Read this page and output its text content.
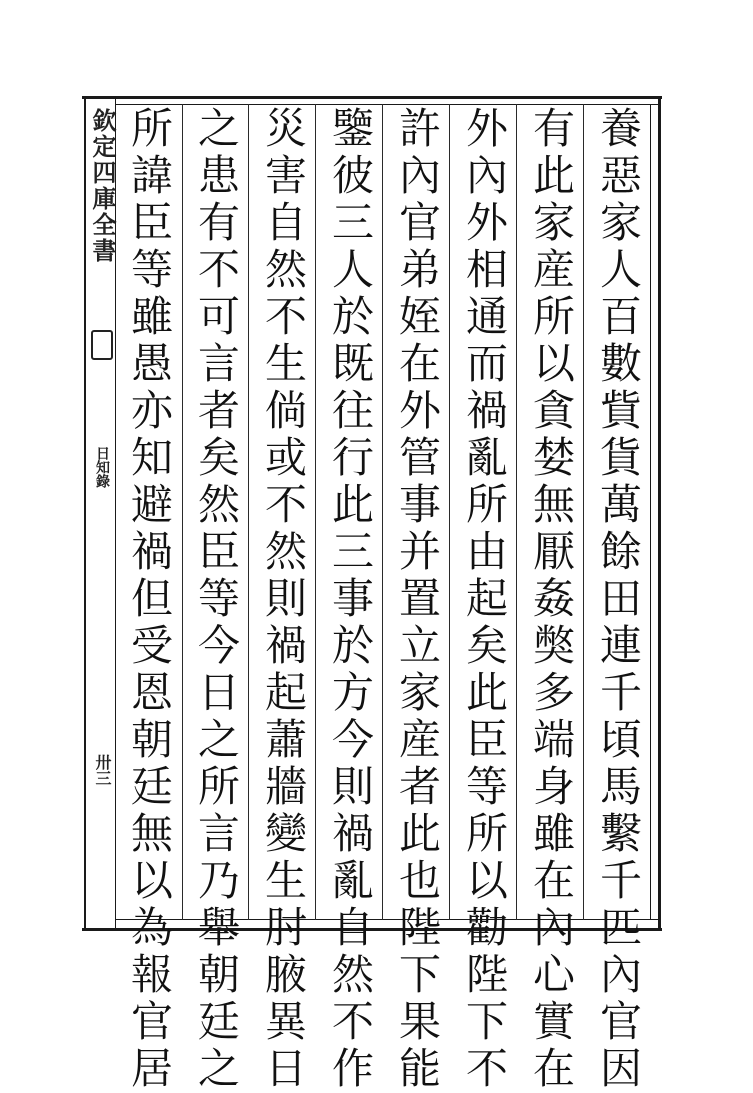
欽定四庫全書
日知錄
卅三	養惡家人百數貲貨萬餘田連千頃馬繫千匹內官因
有此家産所以貪婪無厭姦獘多端身雖在內心實在
外內外相通而禍亂所由起矣此臣等所以勸陛下不
許內官弟姪在外管事并置立家産者此也陛下果能
鑒彼三人於既往行此三事於方今則禍亂自然不作
災害自然不生倘或不然則禍起蕭牆變生肘腋異日
之患有不可言者矣然臣等今日之所言乃舉朝廷之
所諱臣等雖愚亦知避禍但受恩朝廷無以為報官居
